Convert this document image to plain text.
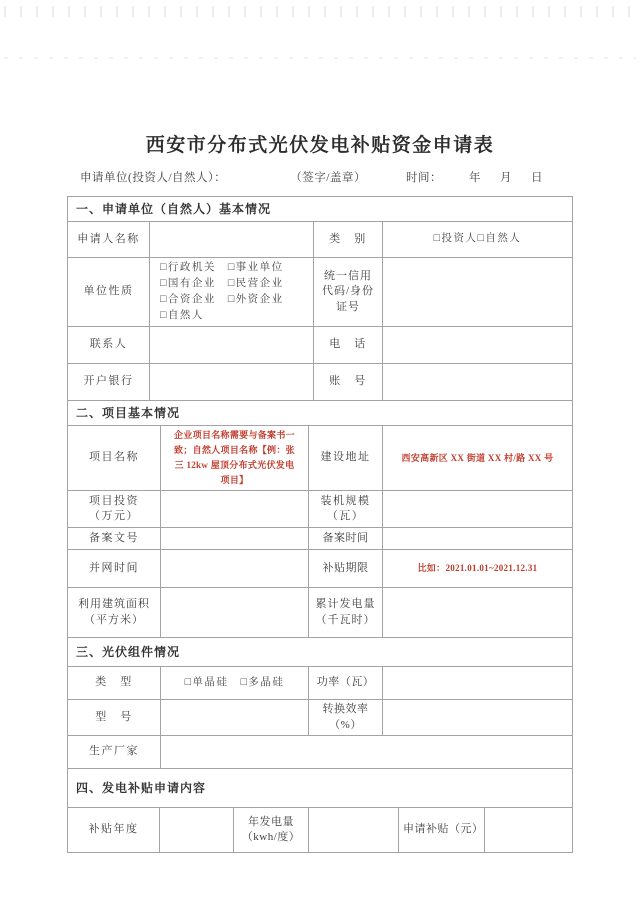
西安市分布式光伏发电补贴资金申请表
申请单位(投资人/自然人）：	（签字/盖章）	时间： 年 月 日
一、申请单位（自然人）基本情况			
申请人名称		类　别	□投资人□自然人
单位性质	□行政机关　□事业单位
□国有企业　□民营企业
□合资企业　□外资企业
□自然人	统一信用代码/身份证号	
联系人		电　话	
开户银行		账　号	
二、项目基本情况			
项目名称	企业项目名称需要与备案书一致；自然人项目名称【例：张三 12kw 屋顶分布式光伏发电项目】	建设地址	西安高新区 XX 街道 XX 村/路 XX 号
项目投资（万元）		装机规模（瓦）	
备案文号		备案时间	
并网时间		补贴期限	比如：2021.01.01~2021.12.31
利用建筑面积（平方米）		累计发电量（千瓦时）	
三、光伏组件情况			
类　型	□单晶硅　□多晶硅	功率（瓦）	
型　号		转换效率（%）	
生产厂家			
四、发电补贴申请内容
补贴年度		年发电量（kwh/度）		申请补贴（元）	
